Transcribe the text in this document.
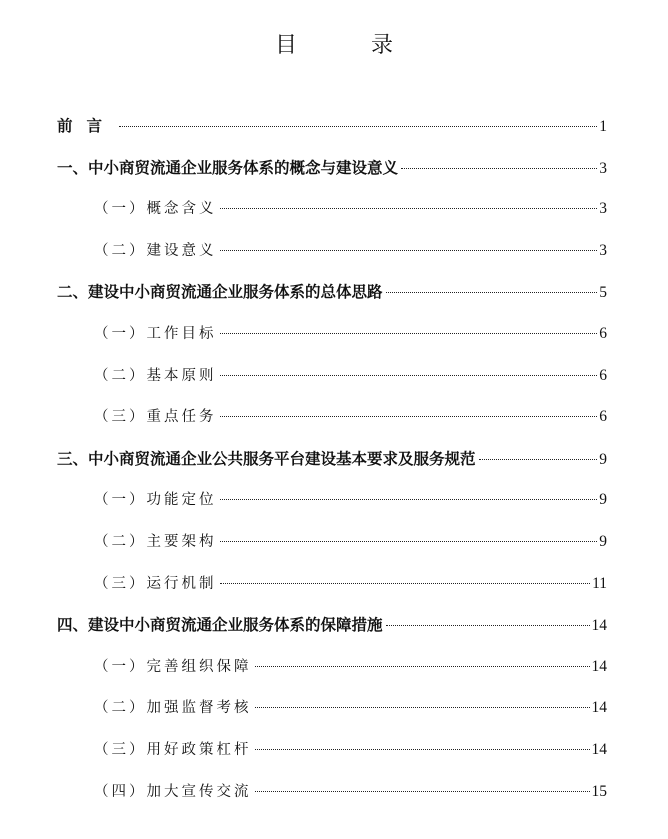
目　录
前言	1
一、中小商贸流通企业服务体系的概念与建设意义	3
（一）概念含义	3
（二）建设意义	3
二、建设中小商贸流通企业服务体系的总体思路	5
（一）工作目标	6
（二）基本原则	6
（三）重点任务	6
三、中小商贸流通企业公共服务平台建设基本要求及服务规范	9
（一）功能定位	9
（二）主要架构	9
（三）运行机制	11
四、建设中小商贸流通企业服务体系的保障措施	14
（一）完善组织保障	14
（二）加强监督考核	14
（三）用好政策杠杆	14
（四）加大宣传交流	15
